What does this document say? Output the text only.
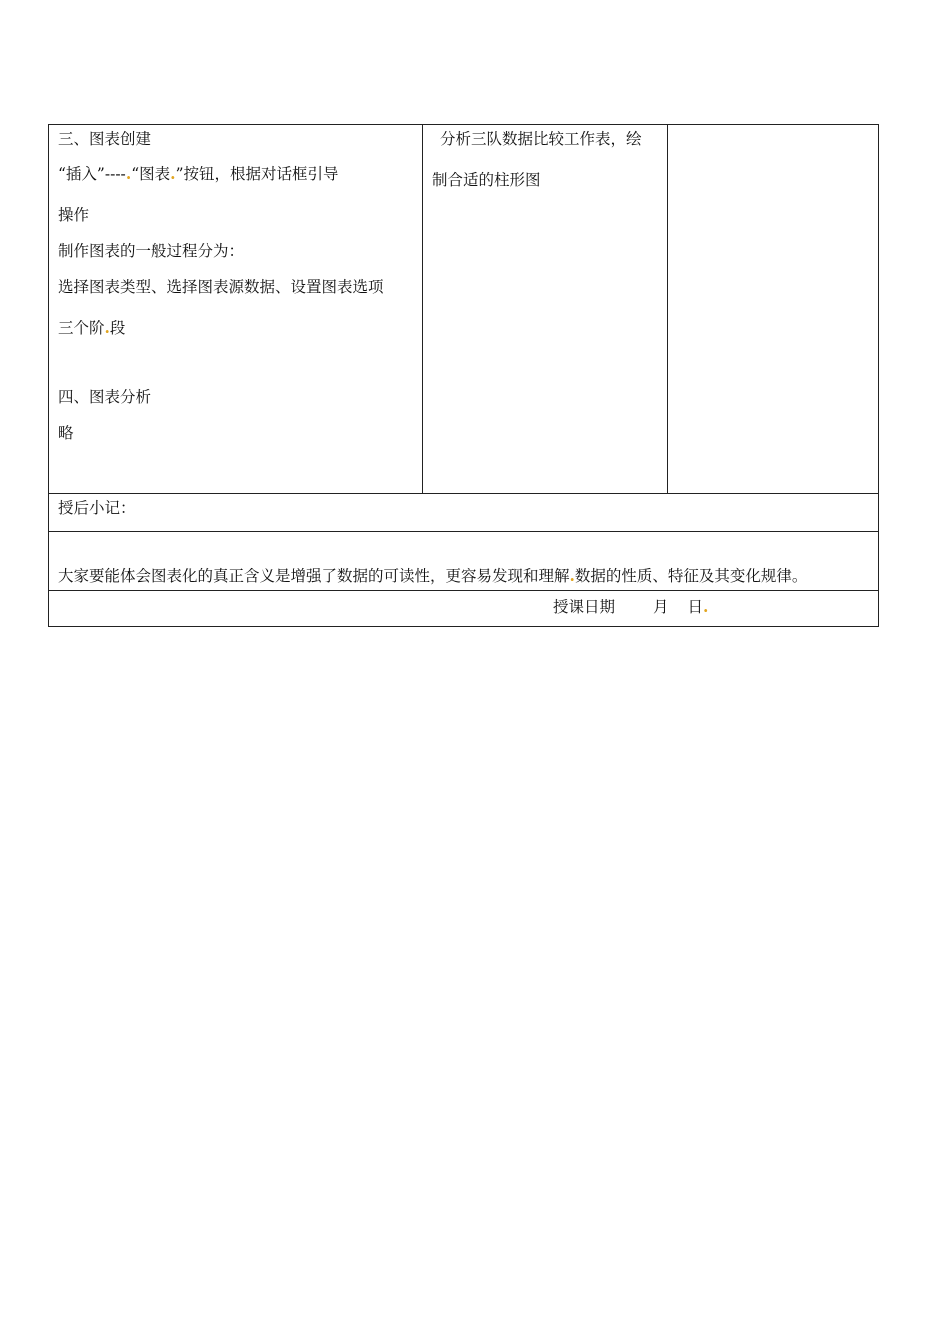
三、图表创建
“插入”----.“图表.”按钮，根据对话框引导
操作
制作图表的一般过程分为：
选择图表类型、选择图表源数据、设置图表选项
三个阶.段
四、图表分析
略

分析三队数据比较工作表，绘
制合适的柱形图

授后小记：

大家要能体会图表化的真正含义是增强了数据的可读性，更容易发现和理解.数据的性质、特征及其变化规律。

授课日期 月 日.
